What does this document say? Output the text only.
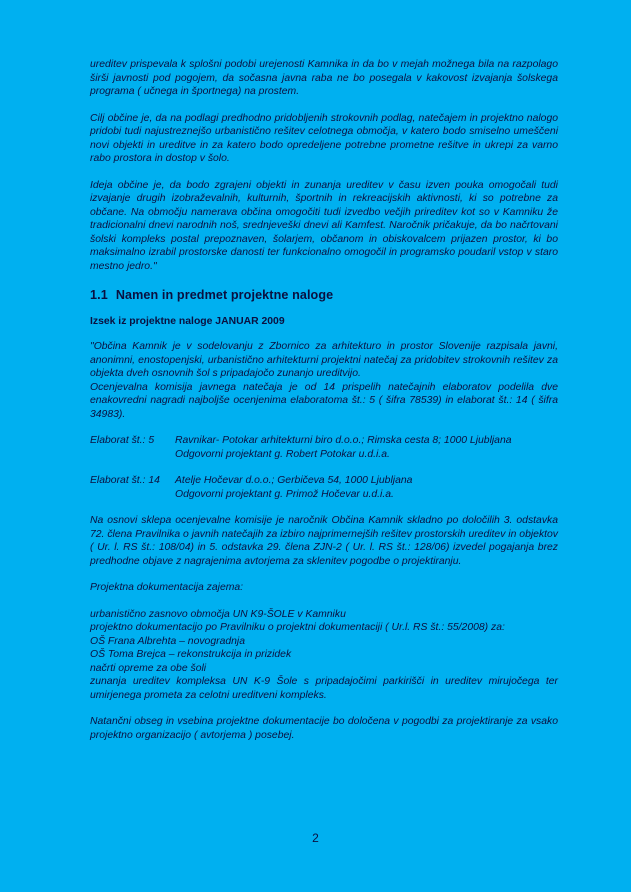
ureditev prispevala k splošni podobi urejenosti Kamnika in da bo v mejah možnega bila na razpolago širši javnosti pod pogojem, da sočasna javna raba ne bo posegala v kakovost izvajanja šolskega programa ( učnega in športnega) na prostem.

Cilj občine je, da na podlagi predhodno pridobljenih strokovnih podlag, natečajem in projektno nalogo pridobi tudi najustreznejšo urbanistično rešitev celotnega območja, v katero bodo smiselno umeščeni novi objekti in ureditve in za katero bodo opredeljene potrebne prometne rešitve in ukrepi za varno rabo prostora in dostop v šolo.

Ideja občine je, da bodo zgrajeni objekti in zunanja ureditev v času izven pouka omogočali tudi izvajanje drugih izobraževalnih, kulturnih, športnih in rekreacijskih aktivnosti, ki so potrebne za občane. Na območju namerava občina omogočiti tudi izvedbo večjih prireditev kot so v Kamniku že tradicionalni dnevi narodnih noš, srednjeveški dnevi ali Kamfest. Naročnik pričakuje, da bo načrtovani šolski kompleks postal prepoznaven, šolarjem, občanom in obiskovalcem prijazen prostor, ki bo maksimalno izrabil prostorske danosti ter funkcionalno omogočil in programsko poudaril vstop v staro mestno jedro."

1.1 Namen in predmet projektne naloge

Izsek iz projektne naloge JANUAR 2009

"Občina Kamnik je v sodelovanju z Zbornico za arhitekturo in prostor Slovenije razpisala javni, anonimni, enostopenjski, urbanistično arhitekturni projektni natečaj za pridobitev strokovnih rešitev za objekta dveh osnovnih šol s pripadajočo zunanjo ureditvijo.

Ocenjevalna komisija javnega natečaja je od 14 prispelih natečajnih elaboratov podelila dve enakovredni nagradi najboljše ocenjenima elaboratoma št.: 5 ( šifra 78539) in elaborat št.: 14 ( šifra 34983).

Elaborat št.: 5	Ravnikar- Potokar arhitekturni biro d.o.o.; Rimska cesta 8; 1000 Ljubljana
Odgovorni projektant g. Robert Potokar u.d.i.a.
Elaborat št.: 14	Atelje Hočevar d.o.o.; Gerbičeva 54, 1000 Ljubljana
Odgovorni projektant g. Primož Hočevar u.d.i.a.

Na osnovi sklepa ocenjevalne komisije je naročnik Občina Kamnik skladno po določilih 3. odstavka 72. člena Pravilnika o javnih natečajih za izbiro najprimernejših rešitev prostorskih ureditev in objektov ( Ur. l. RS št.: 108/04) in 5. odstavka 29. člena ZJN-2 ( Ur. l. RS št.: 128/06) izvedel pogajanja brez predhodne objave z nagrajenima avtorjema za sklenitev pogodbe o projektiranju.

Projektna dokumentacija zajema:

urbanistično zasnovo območja UN K9-ŠOLE v Kamniku

projektno dokumentacijo po Pravilniku o projektni dokumentaciji ( Ur.l. RS št.: 55/2008) za:

OŠ Frana Albrehta – novogradnja

OŠ Toma Brejca – rekonstrukcija in prizidek

načrti opreme za obe šoli

zunanja ureditev kompleksa UN K-9 Šole s pripadajočimi parkirišči in ureditev mirujočega ter umirjenega prometa za celotni ureditveni kompleks.

Natančni obseg in vsebina projektne dokumentacije bo določena v pogodbi za projektiranje za vsako projektno organizacijo ( avtorjema ) posebej.

2
